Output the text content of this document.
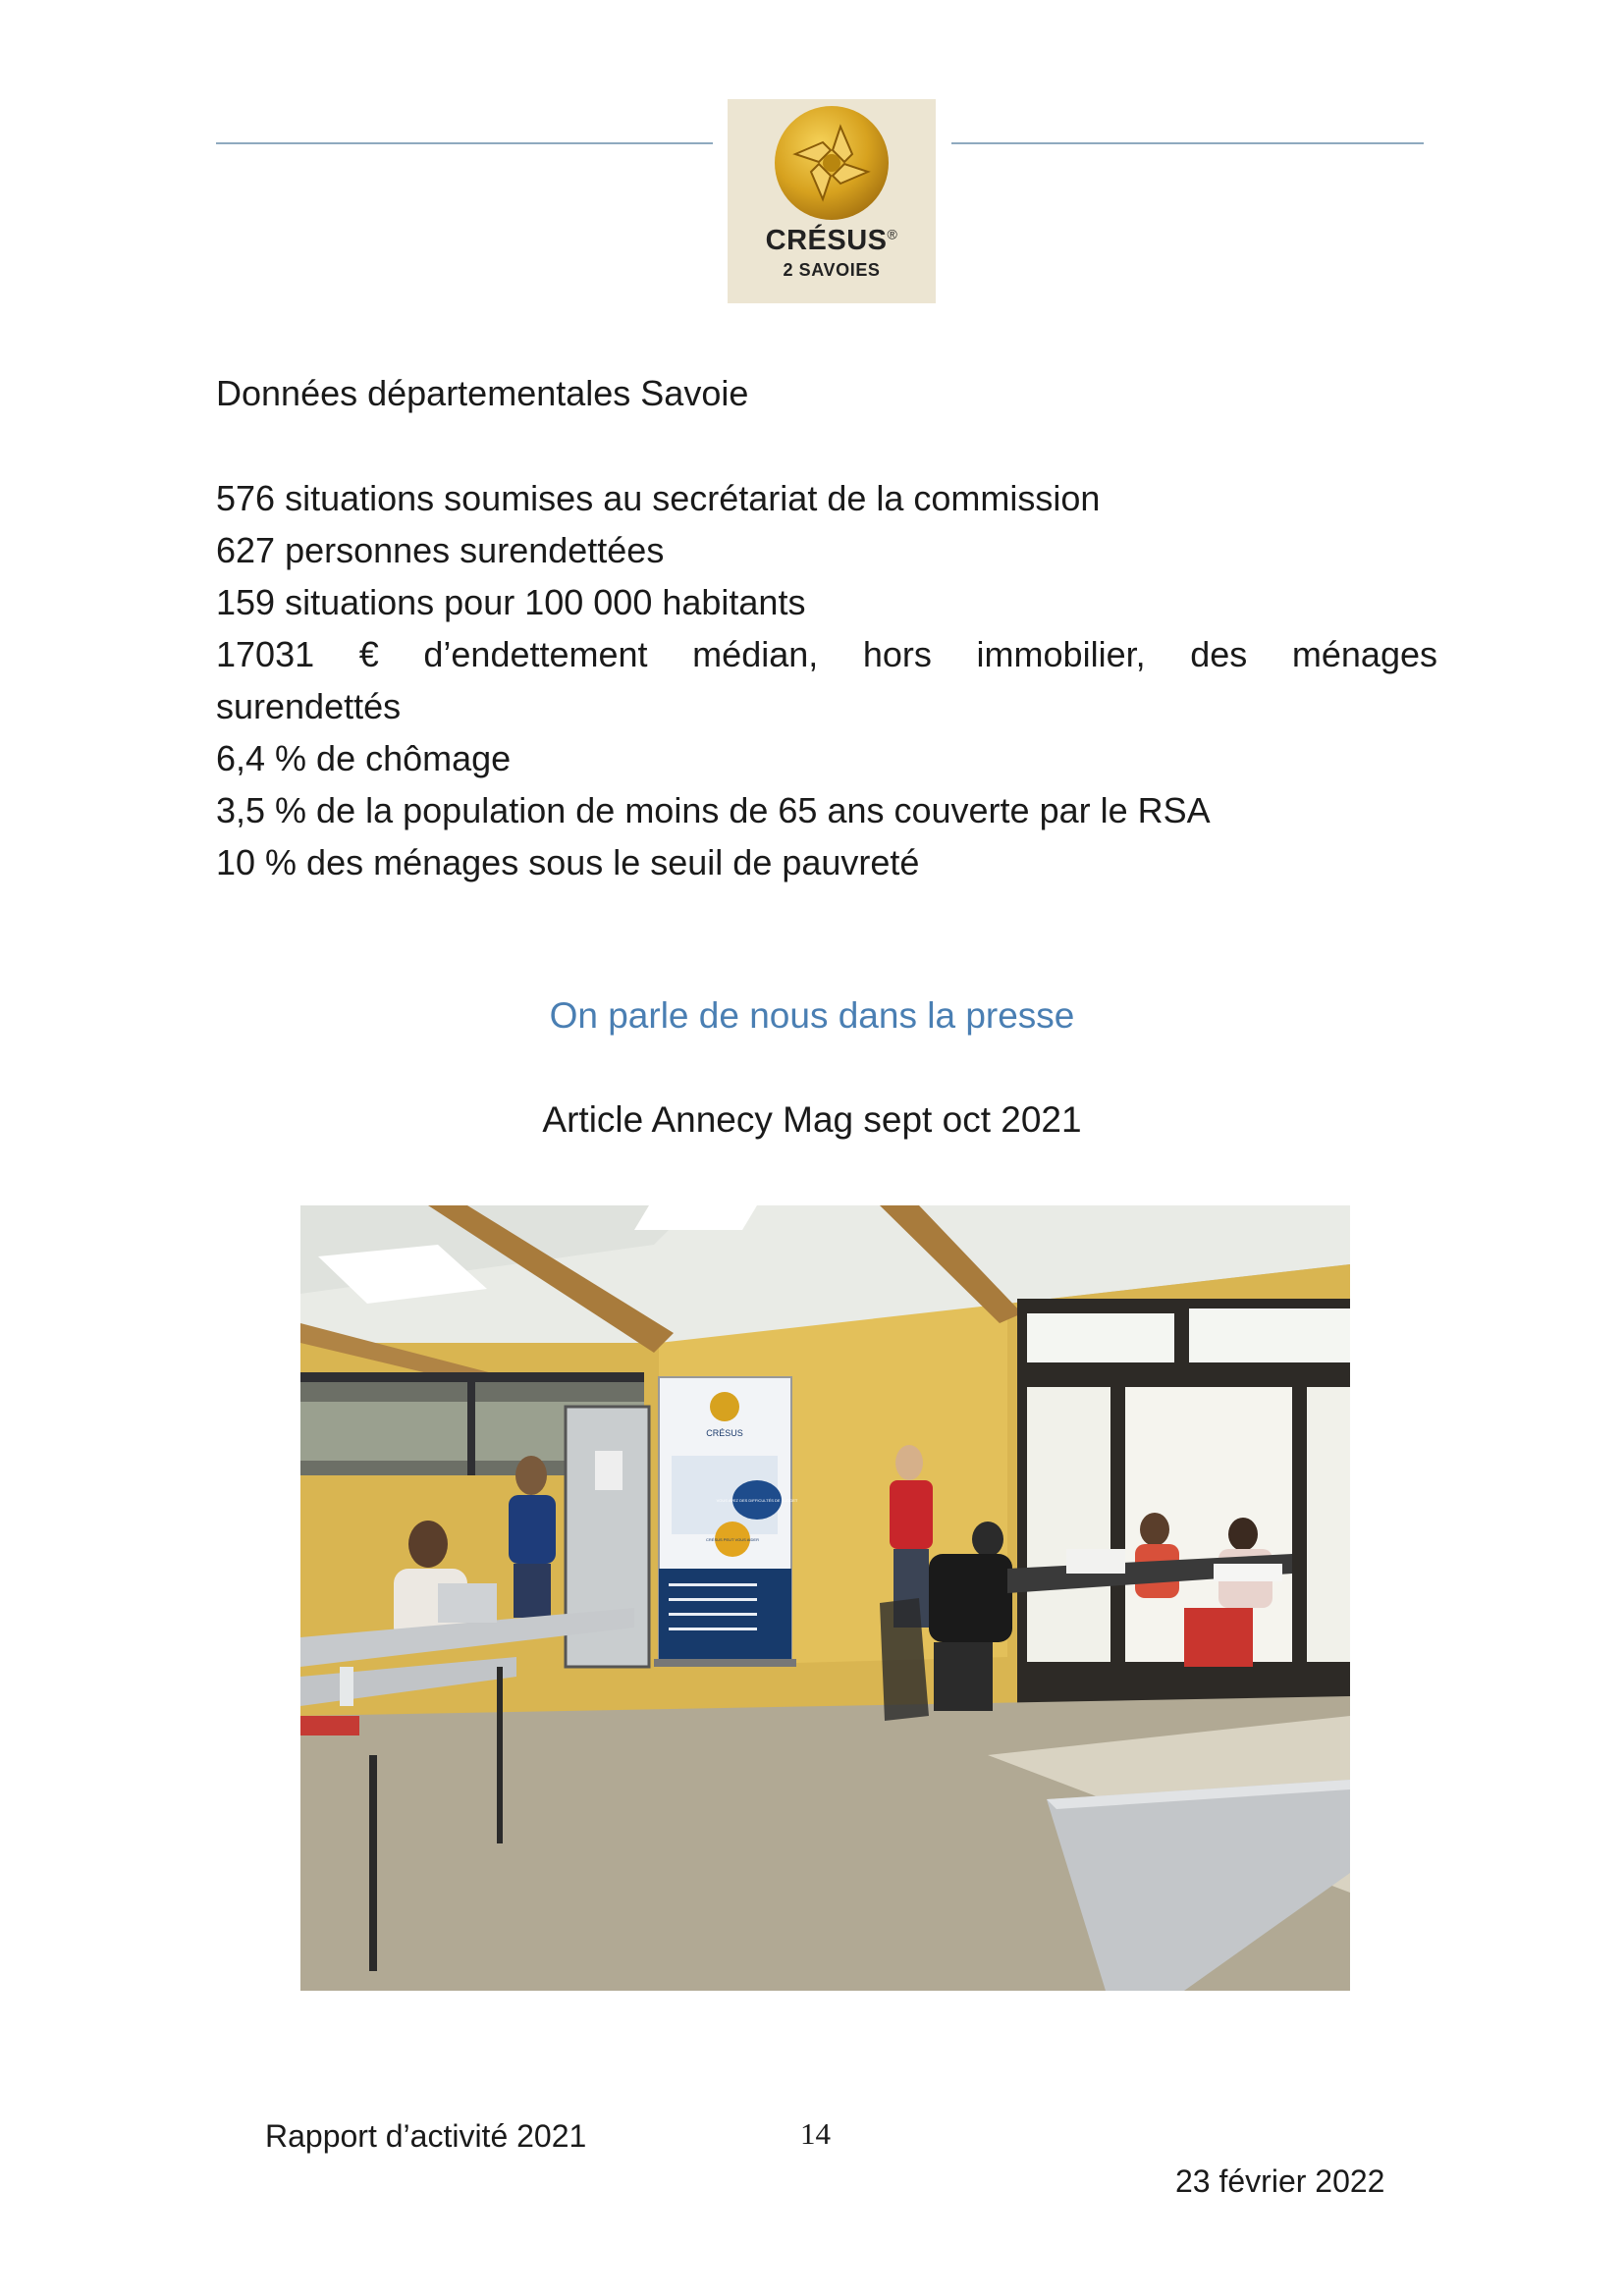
CRÉSUS®
2 SAVOIES
Données départementales Savoie
576 situations soumises au secrétariat de la commission
627 personnes surendettées
159 situations pour 100 000 habitants
17031 € d’endettement médian, hors immobilier, des ménages
surendettés
6,4 % de chômage
3,5 % de la population de moins de 65 ans couverte par le RSA
10 % des ménages sous le seuil de pauvreté
On parle de nous dans la presse
Article Annecy Mag sept oct 2021
CRÉSUS
VOUS AVEZ DES DIFFICULTÉS DE BUDGET
CRÉSUS PEUT VOUS AIDER
Rapport d’activité 2021	14
23 février 2022
